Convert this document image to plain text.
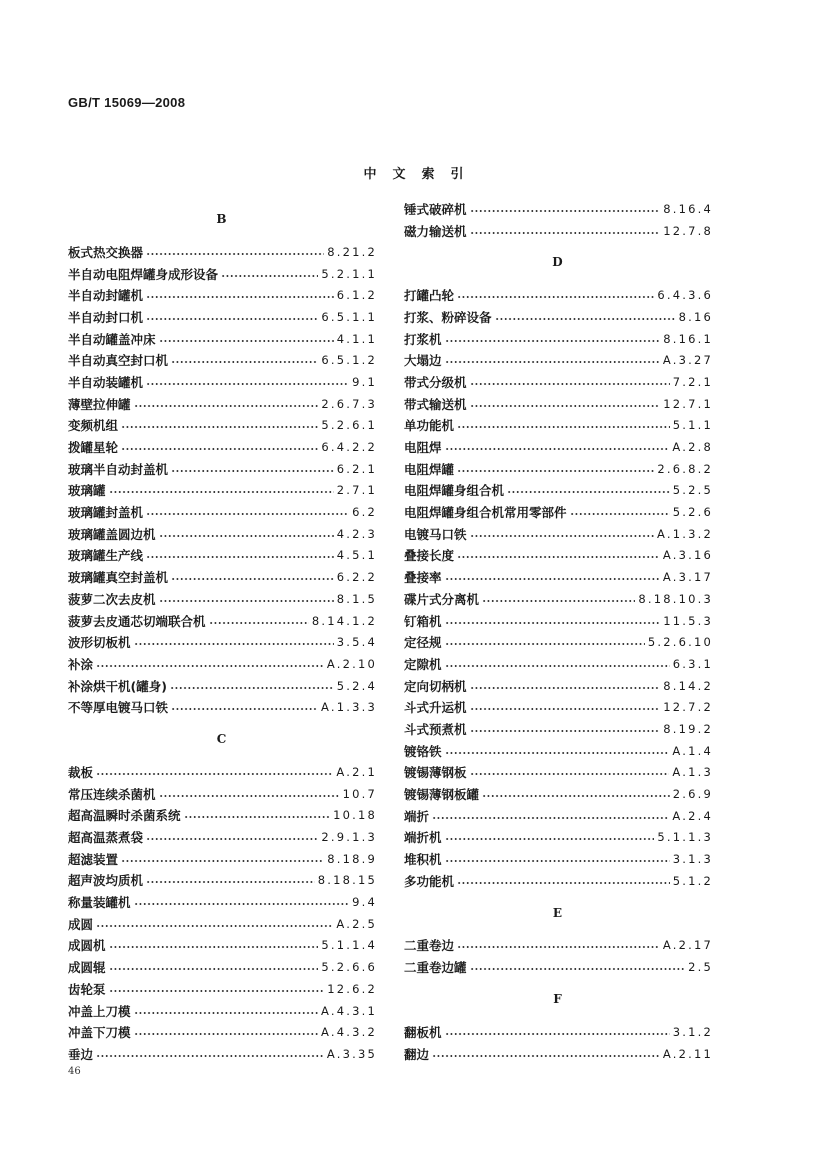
GB/T 15069—2008
中文索引
B
板式热交换器	8.21.2
半自动电阻焊罐身成形设备	5.2.1.1
半自动封罐机	6.1.2
半自动封口机	6.5.1.1
半自动罐盖冲床	4.1.1
半自动真空封口机	6.5.1.2
半自动装罐机	9.1
薄壁拉伸罐	2.6.7.3
变频机组	5.2.6.1
拨罐星轮	6.4.2.2
玻璃半自动封盖机	6.2.1
玻璃罐	2.7.1
玻璃罐封盖机	6.2
玻璃罐盖圆边机	4.2.3
玻璃罐生产线	4.5.1
玻璃罐真空封盖机	6.2.2
菠萝二次去皮机	8.1.5
菠萝去皮通芯切端联合机	8.14.1.2
波形切板机	3.5.4
补涂	A.2.10
补涂烘干机(罐身)	5.2.4
不等厚电镀马口铁	A.1.3.3
C
裁板	A.2.1
常压连续杀菌机	10.7
超高温瞬时杀菌系统	10.18
超高温蒸煮袋	2.9.1.3
超滤装置	8.18.9
超声波均质机	8.18.15
称量装罐机	9.4
成圆	A.2.5
成圆机	5.1.1.4
成圆辊	5.2.6.6
齿轮泵	12.6.2
冲盖上刀模	A.4.3.1
冲盖下刀模	A.4.3.2
垂边	A.3.35
锤式破碎机	8.16.4
磁力输送机	12.7.8
D
打罐凸轮	6.4.3.6
打浆、粉碎设备	8.16
打浆机	8.16.1
大塌边	A.3.27
带式分级机	7.2.1
带式输送机	12.7.1
单功能机	5.1.1
电阻焊	A.2.8
电阻焊罐	2.6.8.2
电阻焊罐身组合机	5.2.5
电阻焊罐身组合机常用零部件	5.2.6
电镀马口铁	A.1.3.2
叠接长度	A.3.16
叠接率	A.3.17
碟片式分离机	8.18.10.3
钉箱机	11.5.3
定径规	5.2.6.10
定隙机	6.3.1
定向切柄机	8.14.2
斗式升运机	12.7.2
斗式预煮机	8.19.2
镀铬铁	A.1.4
镀锡薄钢板	A.1.3
镀锡薄钢板罐	2.6.9
端折	A.2.4
端折机	5.1.1.3
堆积机	3.1.3
多功能机	5.1.2
E
二重卷边	A.2.17
二重卷边罐	2.5
F
翻板机	3.1.2
翻边	A.2.11
46
